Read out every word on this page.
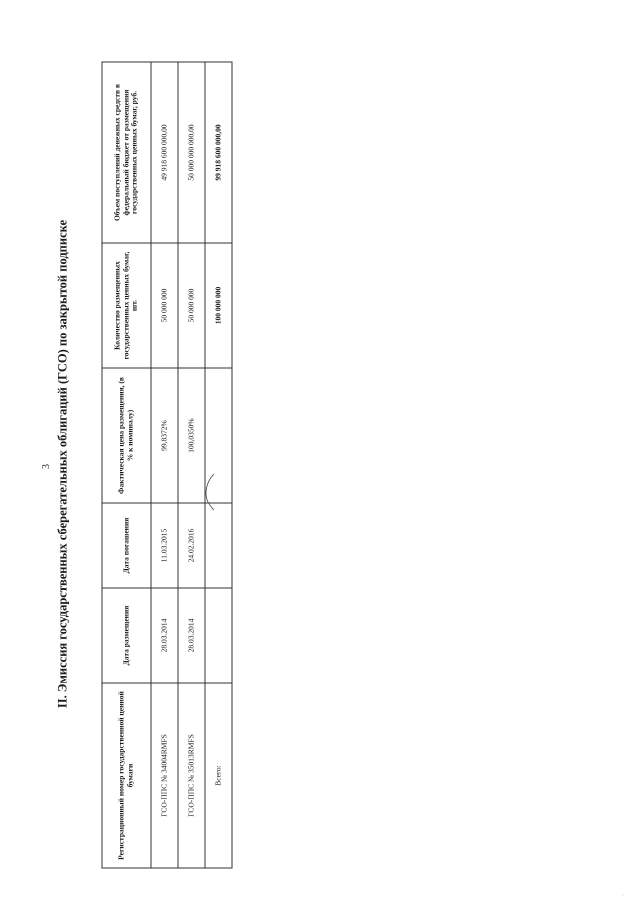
3 II. Эмиссия государственных сберегательных облигаций (ГСО) по закрытой подписке
Регистрационный номер государственной ценной бумаги	Дата размещения	Дата погашения	Фактическая цена размещения, (в % к номиналу)	Количество размещенных государственных ценных бумаг, шт.	Объем поступлений денежных средств в федеральный бюджет от размещения государственных ценных бумаг, руб.
ГСО-ППС № 34004RMFS	28.03.2014	11.03.2015	99,8372%	50 000 000	49 918 600 000,00
ГСО-ППС № 35013RMFS	28.03.2014	24.02.2016	100,0350%	50 000 000	50 000 000 000,00
Всего:				100 000 000	99 918 600 000,00
·
